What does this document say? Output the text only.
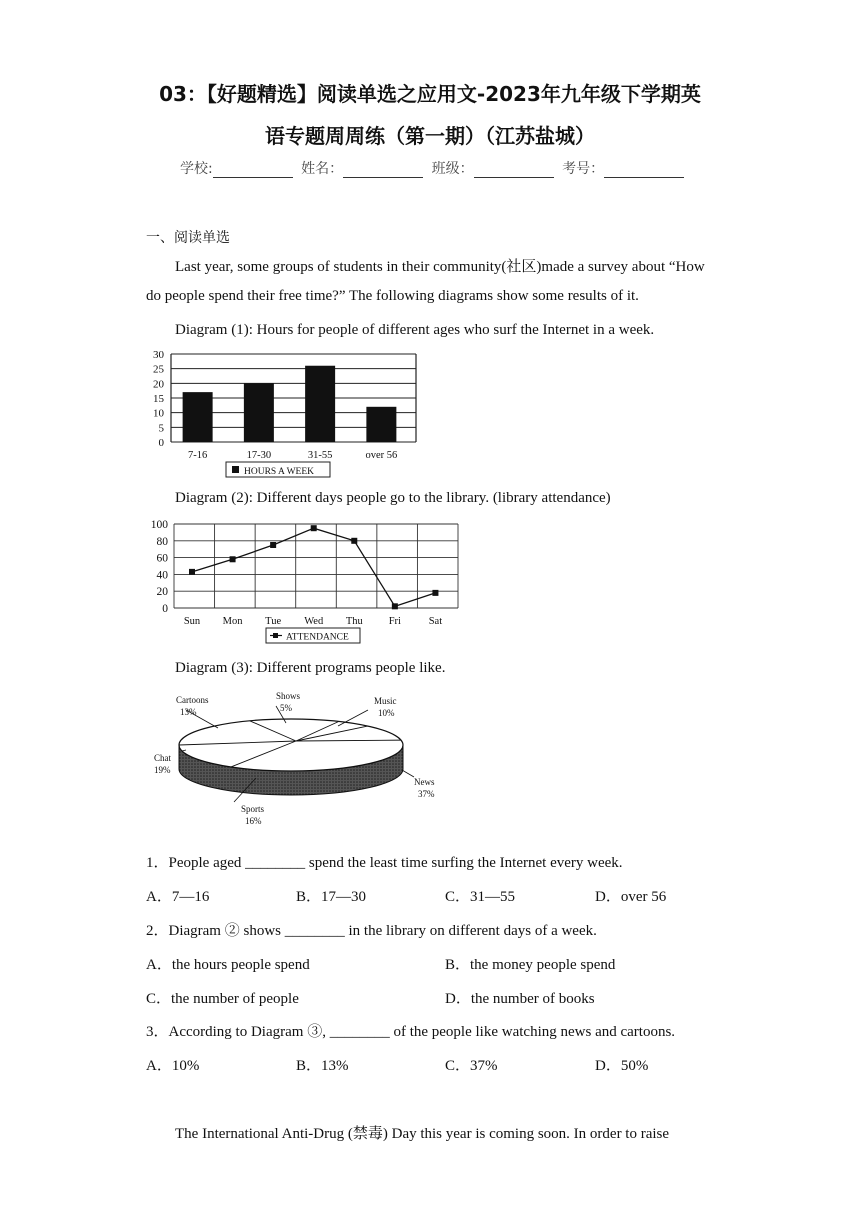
03：【好题精选】阅读单选之应用文-2023年九年级下学期英
语专题周周练（第一期）（江苏盐城）
学校:	姓名：	班级：	考号：
一、阅读单选
Last year, some groups of students in their community(社区)made a survey about “How
do people spend their free time?” The following diagrams show some results of it.
Diagram (1): Hours for people of different ages who surf the Internet in a week.
0
5
10
15
20
25
30
7-16	17-30	31-55	over 56
HOURS A WEEK
Diagram (2): Different days people go to the library. (library attendance)
0
20
40
60
80
100
Sun Mon Tue Wed Thu Fri	Sat
ATTENDANCE
Diagram (3): Different programs people like.
Cartoons
13%
Shows
5%
Music
10%
News
37%
Sports
16%
Chat
19%
1．People aged ________ spend the least time surfing the Internet every week.
A．7—16	B．17—30	C．31—55	D．over 56
2．Diagram ② shows ________ in the library on different days of a week.
A．the hours people spend	B．the money people spend
C．the number of people	D．the number of books
3．According to Diagram ③, ________ of the people like watching news and cartoons.
A．10%	B．13%	C．37%	D．50%
The International Anti-Drug (禁毒) Day this year is coming soon. In order to raise
